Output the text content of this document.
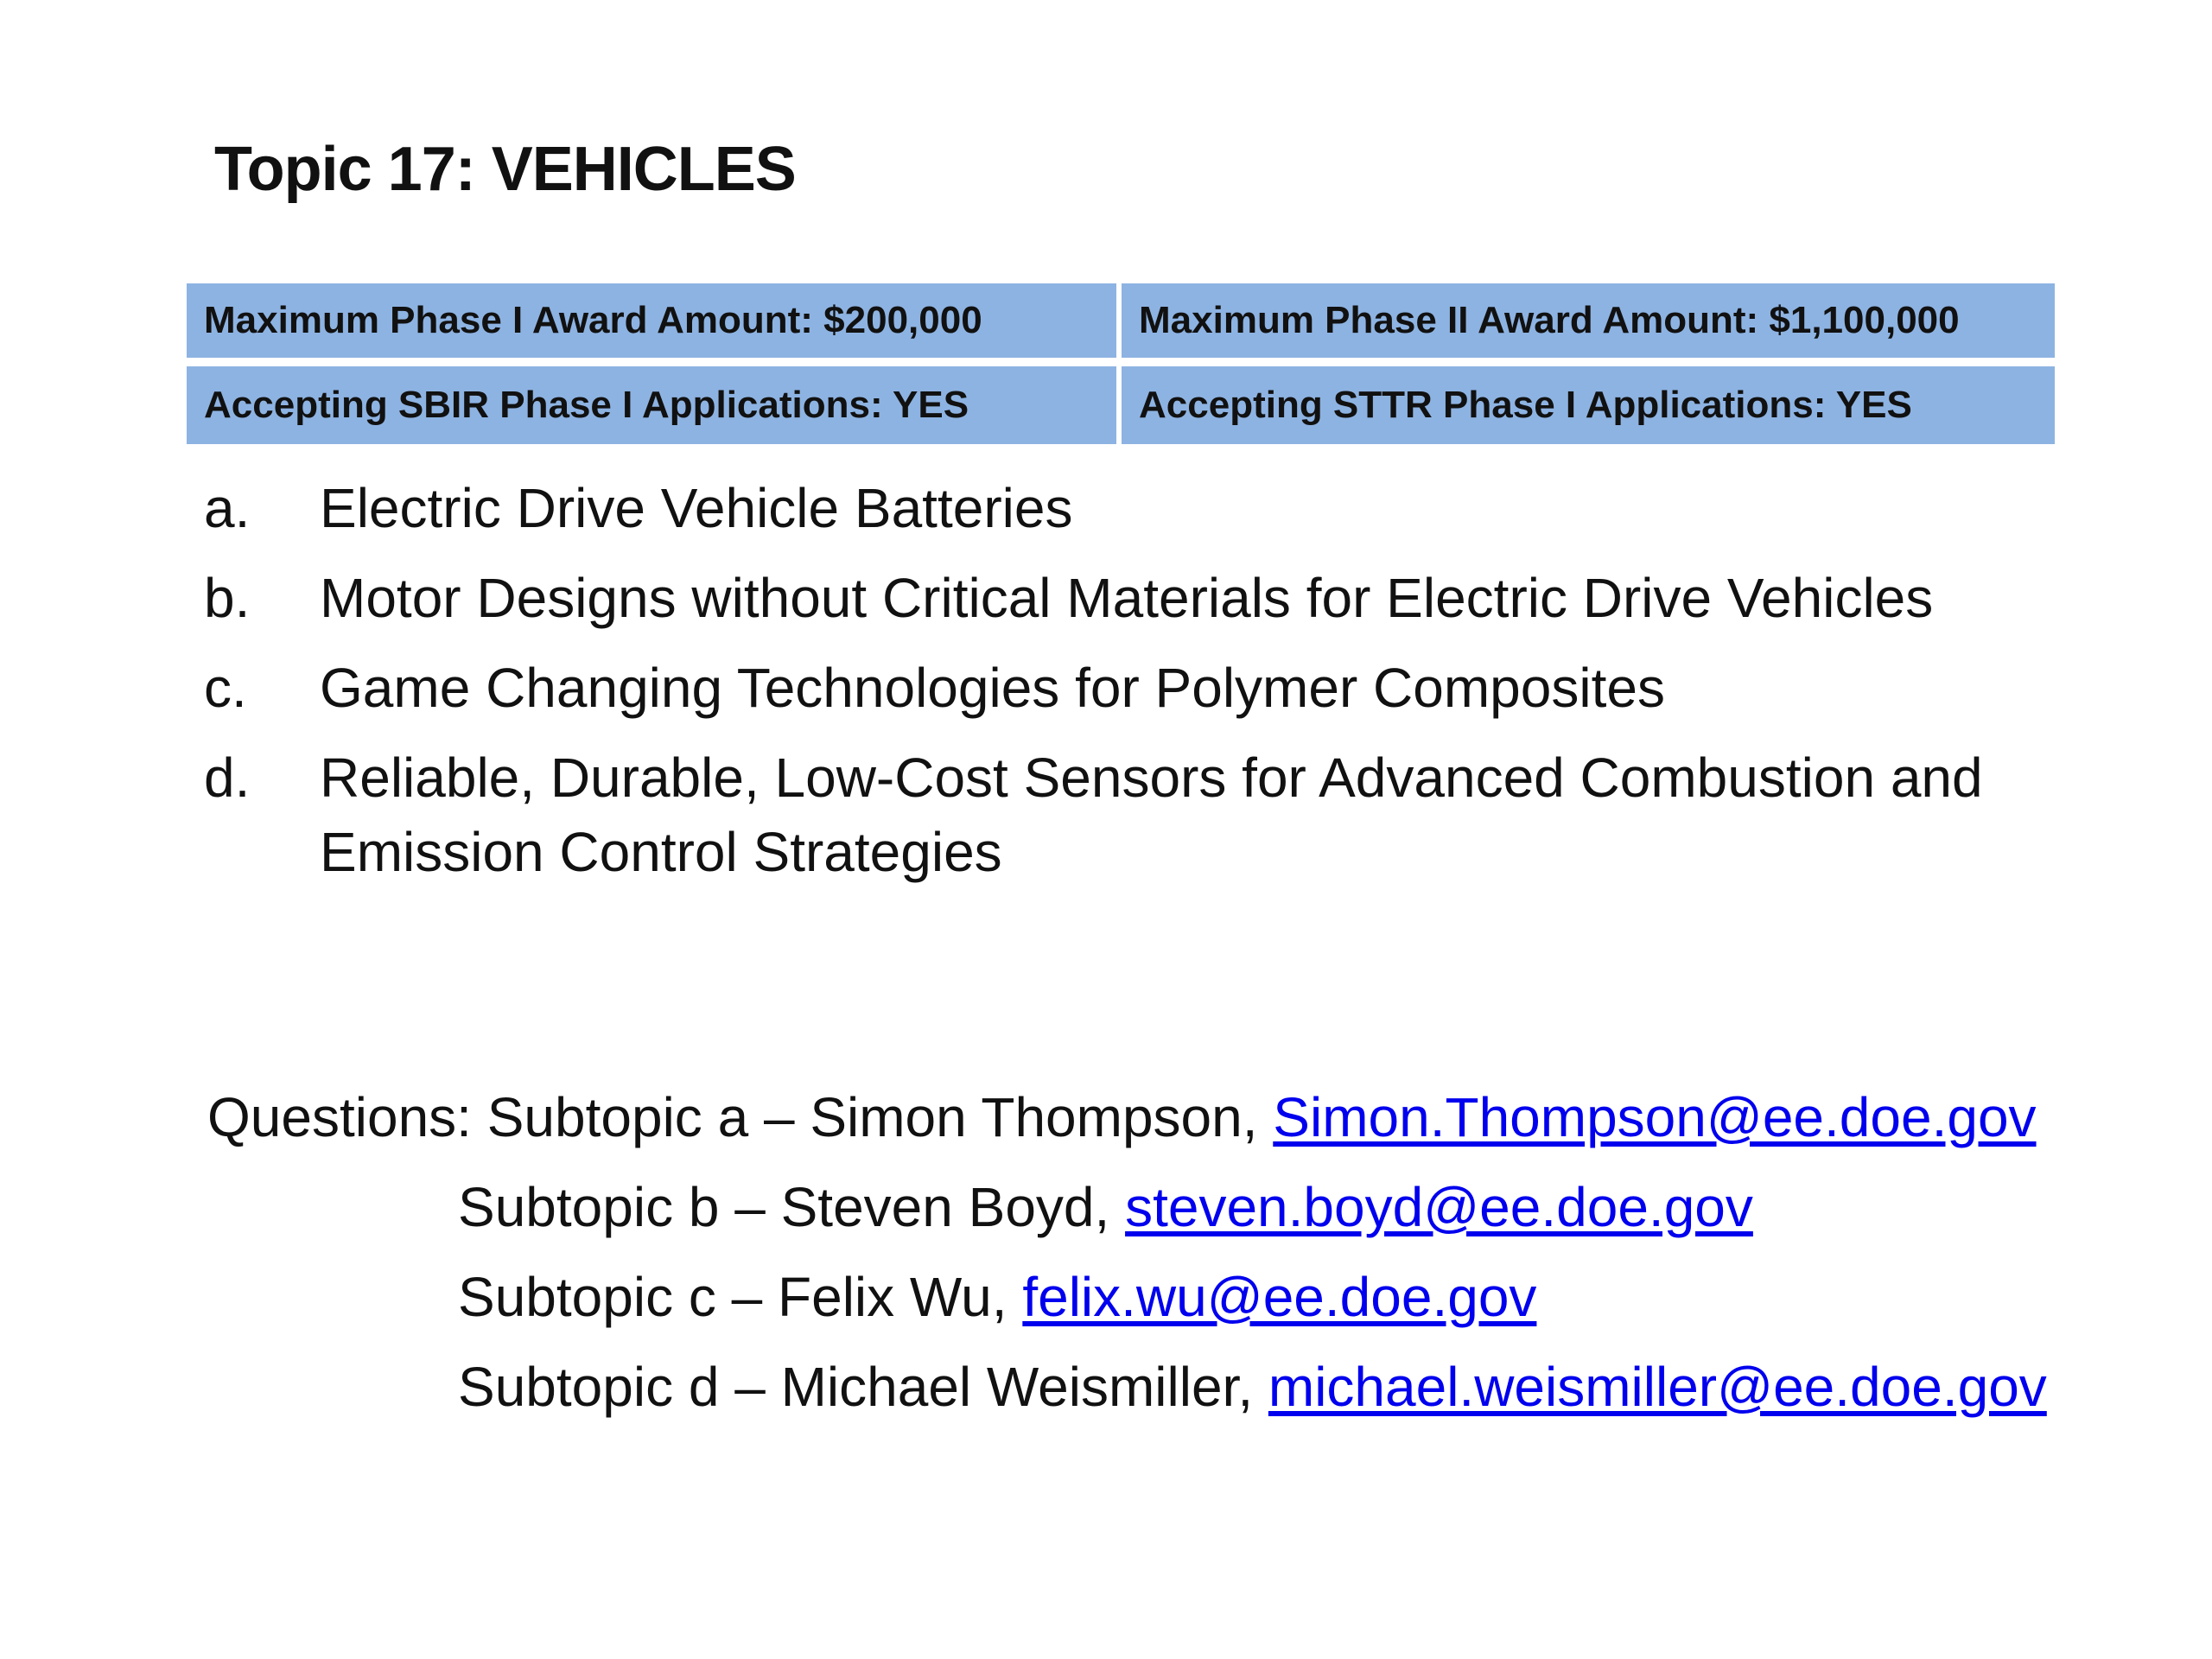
Topic 17: VEHICLES
Maximum Phase I Award Amount: $200,000	Maximum Phase II Award Amount: $1,100,000
Accepting SBIR Phase I Applications: YES	Accepting STTR Phase I Applications: YES
a. Electric Drive Vehicle Batteries
b. Motor Designs without Critical Materials for Electric Drive Vehicles
c. Game Changing Technologies for Polymer Composites
d. Reliable, Durable, Low-Cost Sensors for Advanced Combustion and Emission Control Strategies
Questions: Subtopic a – Simon Thompson, Simon.Thompson@ee.doe.gov
Subtopic b – Steven Boyd, steven.boyd@ee.doe.gov
Subtopic c – Felix Wu, felix.wu@ee.doe.gov
Subtopic d – Michael Weismiller, michael.weismiller@ee.doe.gov
